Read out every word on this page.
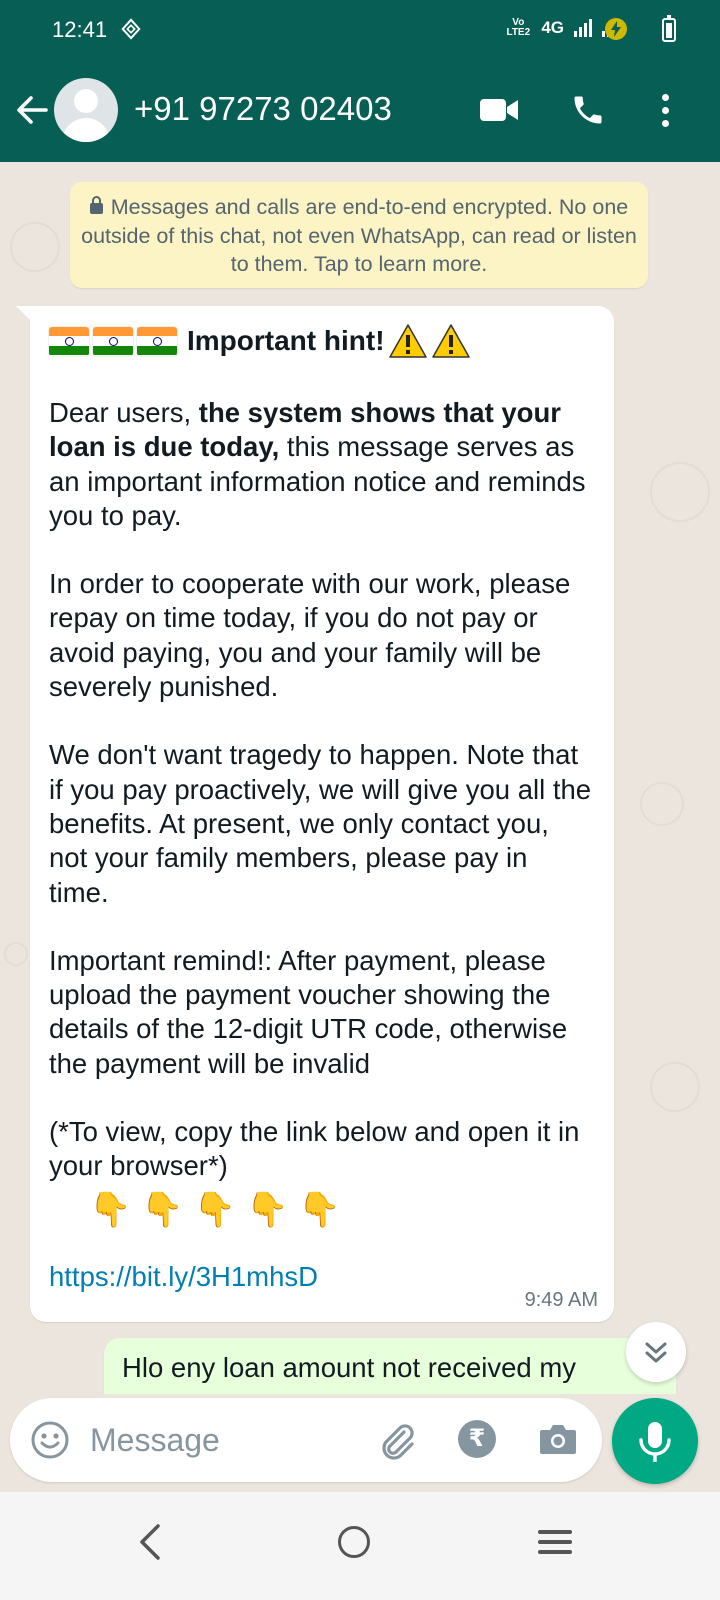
12:41	Vo LTE2 4G
+91 97273 02403
Messages and calls are end-to-end encrypted. No one outside of this chat, not even WhatsApp, can read or listen to them. Tap to learn more.
Important hint!
Dear users, the system shows that your loan is due today, this message serves as an important information notice and reminds you to pay.
In order to cooperate with our work, please repay on time today, if you do not pay or avoid paying, you and your family will be severely punished.
We don't want tragedy to happen. Note that if you pay proactively, we will give you all the benefits. At present, we only contact you, not your family members, please pay in time.
Important remind!: After payment, please upload the payment voucher showing the details of the 12-digit UTR code, otherwise the payment will be invalid
(*To view, copy the link below and open it in your browser*)
👇👇👇👇👇
https://bit.ly/3H1mhsD
9:49 AM
Hlo eny loan amount not received my
Message
₹
